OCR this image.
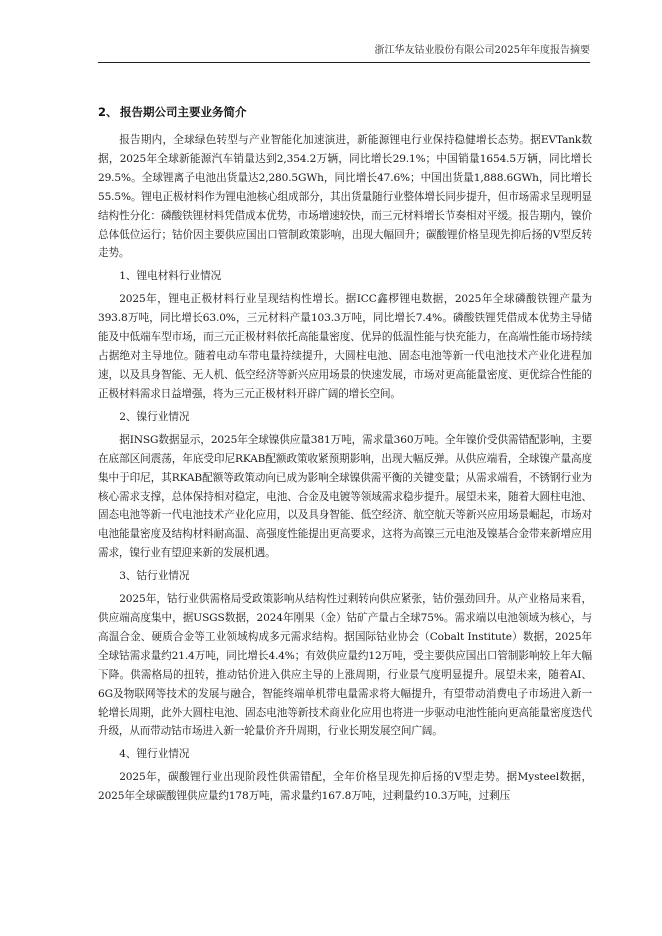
浙江华友钴业股份有限公司2025年年度报告摘要
2、 报告期公司主要业务简介

报告期内，全球绿色转型与产业智能化加速演进，新能源锂电行业保持稳健增长态势。据EVTank数据，2025年全球新能源汽车销量达到2,354.2万辆，同比增长29.1%；中国销量1654.5万辆，同比增长29.5%。全球锂离子电池出货量达2,280.5GWh，同比增长47.6%；中国出货量1,888.6GWh，同比增长55.5%。锂电正极材料作为锂电池核心组成部分，其出货量随行业整体增长同步提升，但市场需求呈现明显结构性分化：磷酸铁锂材料凭借成本优势，市场增速较快，而三元材料增长节奏相对平缓。报告期内，镍价总体低位运行；钴价因主要供应国出口管制政策影响，出现大幅回升；碳酸锂价格呈现先抑后扬的V型反转走势。

1、锂电材料行业情况

2025年，锂电正极材料行业呈现结构性增长。据ICC鑫椤锂电数据，2025年全球磷酸铁锂产量为393.8万吨，同比增长63.0%，三元材料产量103.3万吨，同比增长7.4%。磷酸铁锂凭借成本优势主导储能及中低端车型市场，而三元正极材料依托高能量密度、优异的低温性能与快充能力，在高端性能市场持续占据绝对主导地位。随着电动车带电量持续提升，大圆柱电池、固态电池等新一代电池技术产业化进程加速，以及具身智能、无人机、低空经济等新兴应用场景的快速发展，市场对更高能量密度、更优综合性能的正极材料需求日益增强，将为三元正极材料开辟广阔的增长空间。

2、镍行业情况

据INSG数据显示，2025年全球镍供应量381万吨，需求量360万吨。全年镍价受供需错配影响，主要在底部区间震荡，年底受印尼RKAB配额政策收紧预期影响，出现大幅反弹。从供应端看，全球镍产量高度集中于印尼，其RKAB配额等政策动向已成为影响全球镍供需平衡的关键变量；从需求端看，不锈钢行业为核心需求支撑，总体保持相对稳定，电池、合金及电镀等领域需求稳步提升。展望未来，随着大圆柱电池、固态电池等新一代电池技术产业化应用，以及具身智能、低空经济、航空航天等新兴应用场景崛起，市场对电池能量密度及结构材料耐高温、高强度性能提出更高要求，这将为高镍三元电池及镍基合金带来新增应用需求，镍行业有望迎来新的发展机遇。

3、钴行业情况

2025年，钴行业供需格局受政策影响从结构性过剩转向供应紧张，钴价强劲回升。从产业格局来看，供应端高度集中，据USGS数据，2024年刚果（金）钴矿产量占全球75%。需求端以电池领域为核心，与高温合金、硬质合金等工业领域构成多元需求结构。据国际钴业协会（Cobalt Institute）数据，2025年全球钴需求量约21.4万吨，同比增长4.4%；有效供应量约12万吨，受主要供应国出口管制影响较上年大幅下降。供需格局的扭转，推动钴价进入供应主导的上涨周期，行业景气度明显提升。展望未来，随着AI、6G及物联网等技术的发展与融合，智能终端单机带电量需求将大幅提升，有望带动消费电子市场进入新一轮增长周期，此外大圆柱电池、固态电池等新技术商业化应用也将进一步驱动电池性能向更高能量密度迭代升级，从而带动钴市场进入新一轮量价齐升周期，行业长期发展空间广阔。

4、锂行业情况

2025年，碳酸锂行业出现阶段性供需错配，全年价格呈现先抑后扬的V型走势。据Mysteel数据，2025年全球碳酸锂供应量约178万吨，需求量约167.8万吨，过剩量约10.3万吨，过剩压
